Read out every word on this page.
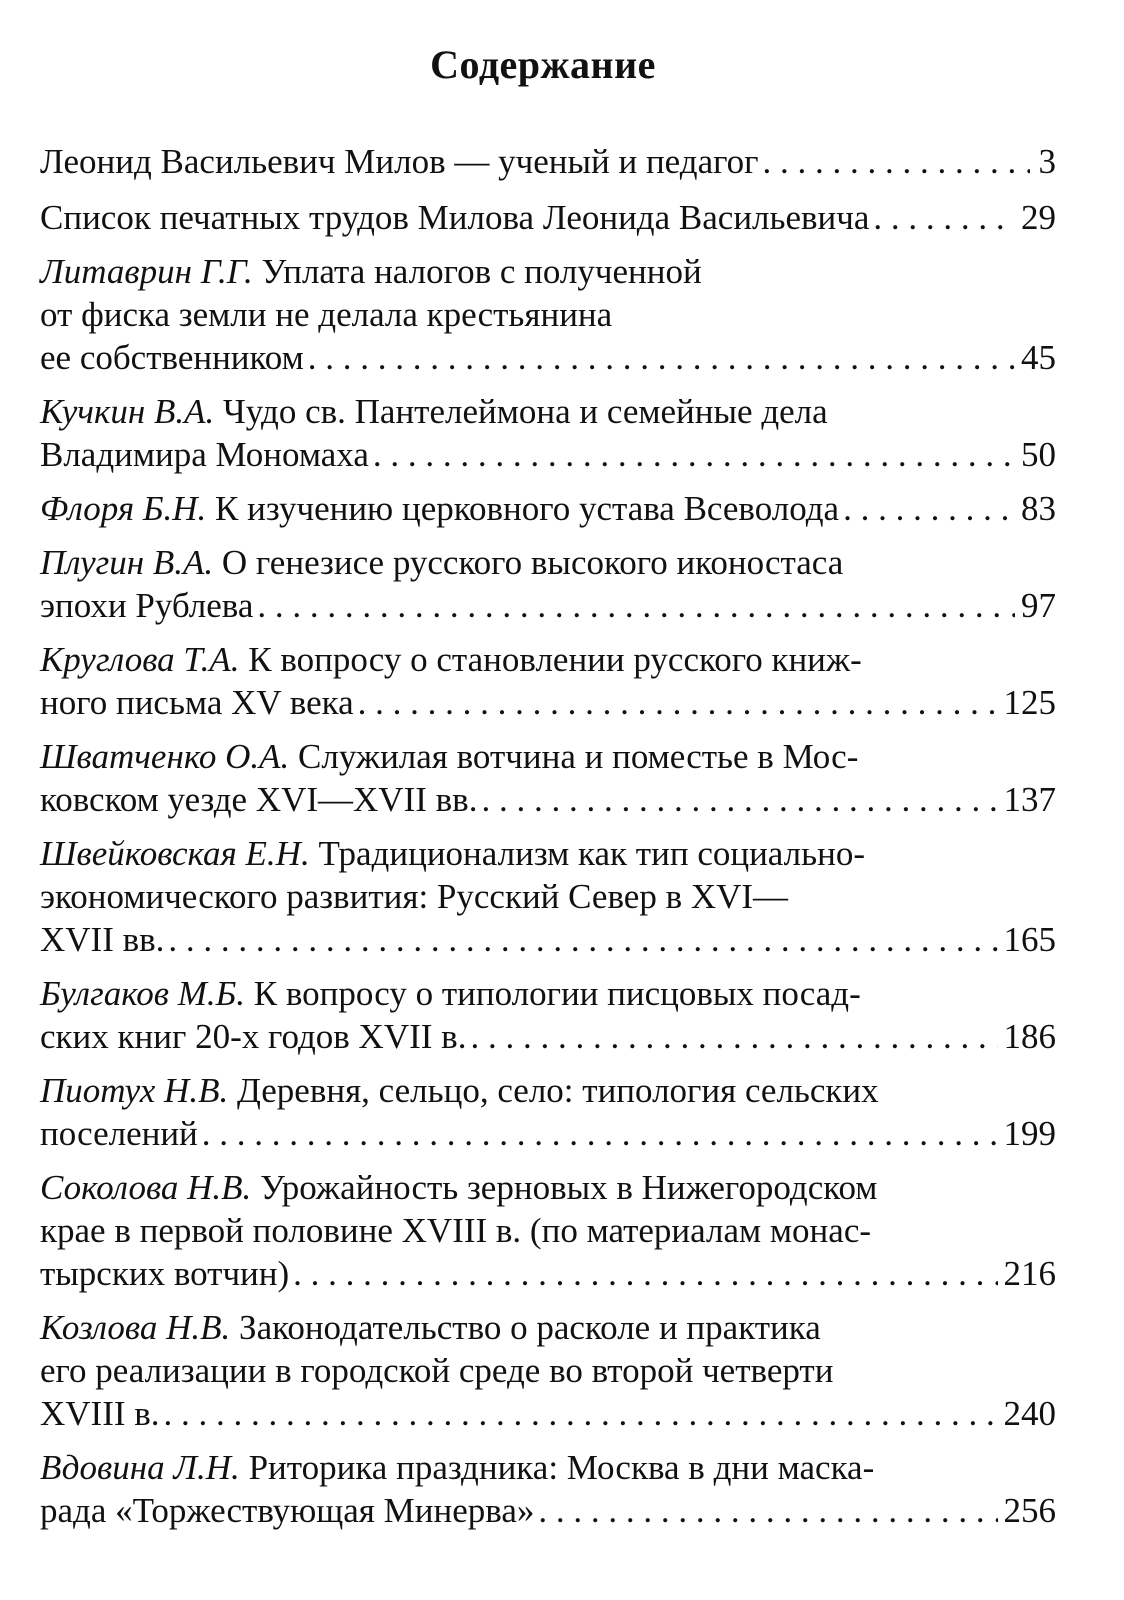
Содержание
Леонид Васильевич Милов — ученый и педагог . . .	3
Список печатных трудов Милова Леонида Васильевича . . .	29
Литаврин Г.Г. Уплата налогов с полученной
от фиска земли не делала крестьянина
ее собственником . . .	45
Кучкин В.А. Чудо св. Пантелеймона и семейные дела
Владимира Мономаха . . .	50
Флоря Б.Н. К изучению церковного устава Всеволода . . .	83
Плугин В.А. О генезисе русского высокого иконостаса
эпохи Рублева . . .	97
Круглова Т.А. К вопросу о становлении русского книж-
ного письма XV века . . .	125
Шватченко О.А. Служилая вотчина и поместье в Мос-
ковском уезде XVI—XVII вв. . . .	137
Швейковская Е.Н. Традиционализм как тип социально-
экономического развития: Русский Север в XVI—
XVII вв. . . .	165
Булгаков М.Б. К вопросу о типологии писцовых посад-
ских книг 20-х годов XVII в. . . .	186
Пиотух Н.В. Деревня, сельцо, село: типология сельских
поселений . . .	199
Соколова Н.В. Урожайность зерновых в Нижегородском
крае в первой половине XVIII в. (по материалам монас-
тырских вотчин) . . .	216
Козлова Н.В. Законодательство о расколе и практика
его реализации в городской среде во второй четверти
XVIII в. . . .	240
Вдовина Л.Н. Риторика праздника: Москва в дни маска-
рада «Торжествующая Минерва» . . .	256
